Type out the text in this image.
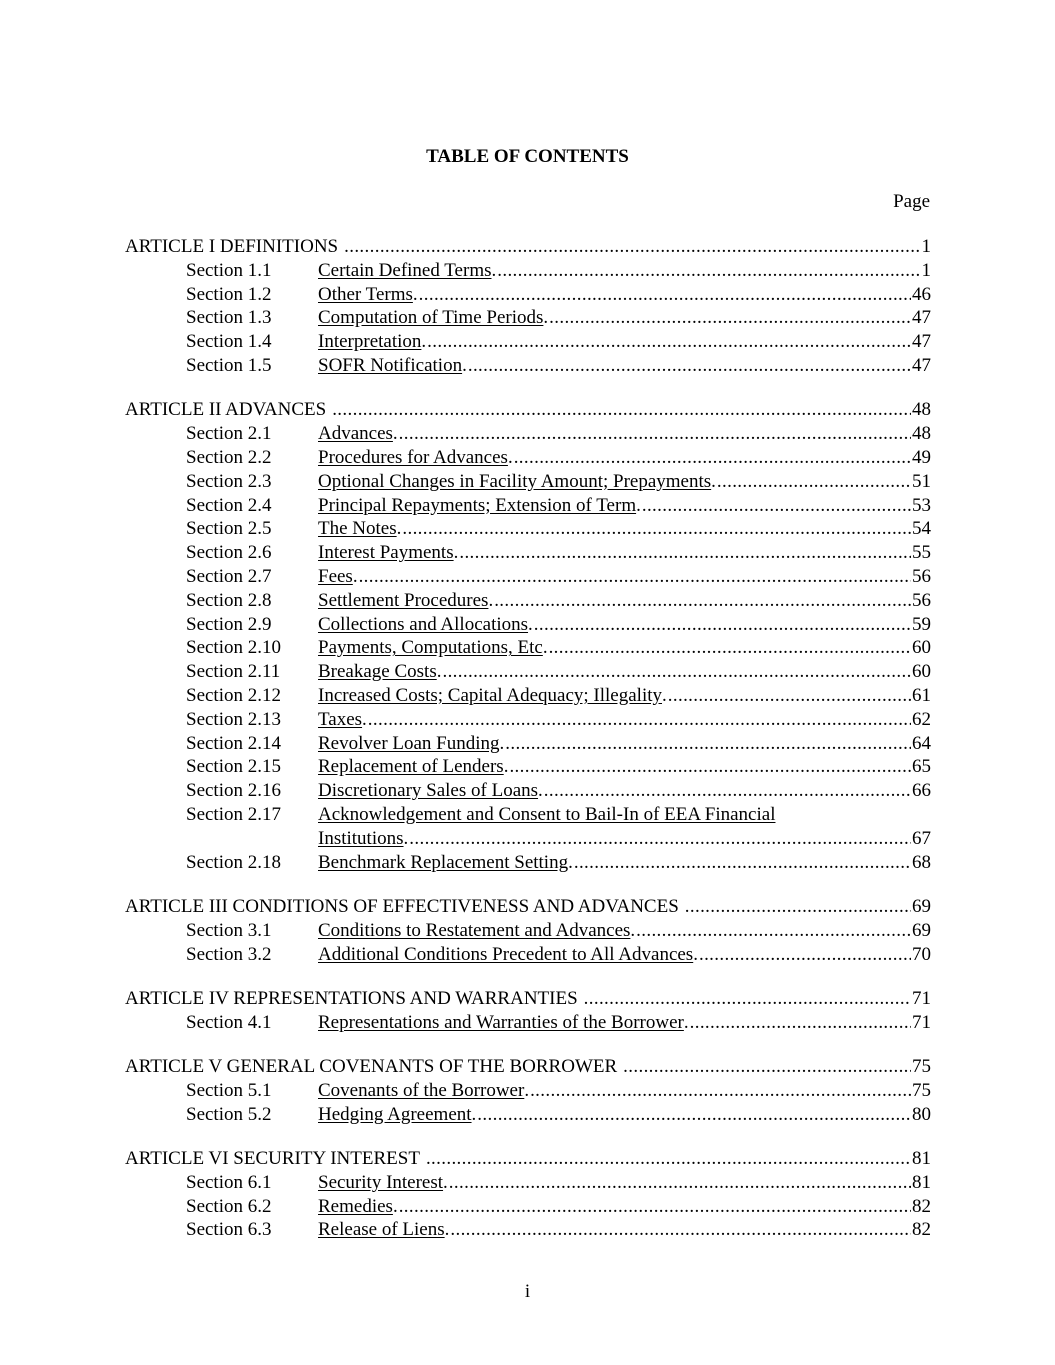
TABLE OF CONTENTS
Page
ARTICLE I DEFINITIONS . . .	1
Section 1.1	Certain Defined Terms . . . .	1
Section 1.2	Other Terms . . . .	46
Section 1.3	Computation of Time Periods . . . .	47
Section 1.4	Interpretation . . . .	47
Section 1.5	SOFR Notification . . . .	47
ARTICLE II ADVANCES . . .	48
Section 2.1	Advances . . . .	48
Section 2.2	Procedures for Advances . . . .	49
Section 2.3	Optional Changes in Facility Amount; Prepayments . . . .	51
Section 2.4	Principal Repayments; Extension of Term . . . .	53
Section 2.5	The Notes . . . .	54
Section 2.6	Interest Payments . . . .	55
Section 2.7	Fees . . . .	56
Section 2.8	Settlement Procedures . . . .	56
Section 2.9	Collections and Allocations . . . .	59
Section 2.10	Payments, Computations, Etc . . . .	60
Section 2.11	Breakage Costs . . . .	60
Section 2.12	Increased Costs; Capital Adequacy; Illegality . . . .	61
Section 2.13	Taxes . . . .	62
Section 2.14	Revolver Loan Funding . . . .	64
Section 2.15	Replacement of Lenders . . . .	65
Section 2.16	Discretionary Sales of Loans . . . .	66
Section 2.17	Acknowledgement and Consent to Bail-In of EEA Financial
Institutions . . . .	67
Section 2.18	Benchmark Replacement Setting . . . .	68
ARTICLE III CONDITIONS OF EFFECTIVENESS AND ADVANCES . . .	69
Section 3.1	Conditions to Restatement and Advances . . . .	69
Section 3.2	Additional Conditions Precedent to All Advances . . . .	70
ARTICLE IV REPRESENTATIONS AND WARRANTIES . . .	71
Section 4.1	Representations and Warranties of the Borrower . . . .	71
ARTICLE V GENERAL COVENANTS OF THE BORROWER . . .	75
Section 5.1	Covenants of the Borrower . . . .	75
Section 5.2	Hedging Agreement . . . .	80
ARTICLE VI SECURITY INTEREST . . .	81
Section 6.1	Security Interest . . . .	81
Section 6.2	Remedies . . . .	82
Section 6.3	Release of Liens . . . .	82
i
